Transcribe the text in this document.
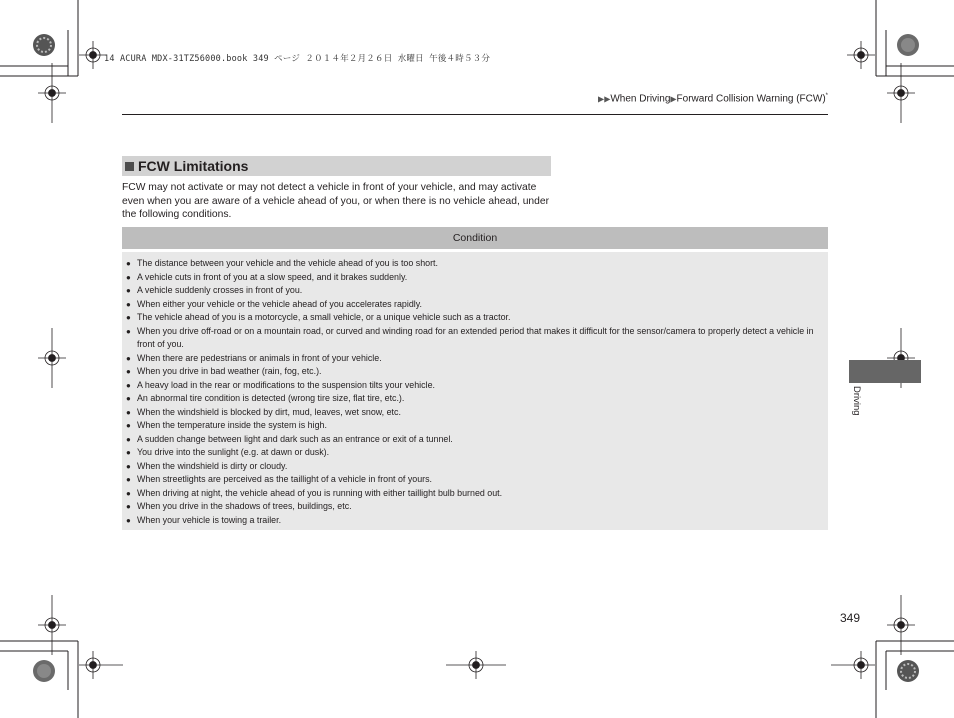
14 ACURA MDX-31TZ56000.book 349 ページ ２０１４年２月２６日 水曜日 午後４時５３分
▶▶When Driving▶Forward Collision Warning (FCW)*
FCW Limitations
FCW may not activate or may not detect a vehicle in front of your vehicle, and may activate even when you are aware of a vehicle ahead of you, or when there is no vehicle ahead, under the following conditions.
Condition
● The distance between your vehicle and the vehicle ahead of you is too short.
● A vehicle cuts in front of you at a slow speed, and it brakes suddenly.
● A vehicle suddenly crosses in front of you.
● When either your vehicle or the vehicle ahead of you accelerates rapidly.
● The vehicle ahead of you is a motorcycle, a small vehicle, or a unique vehicle such as a tractor.
● When you drive off-road or on a mountain road, or curved and winding road for an extended period that makes it difficult for the sensor/camera to properly detect a vehicle in front of you.
● When there are pedestrians or animals in front of your vehicle.
● When you drive in bad weather (rain, fog, etc.).
● A heavy load in the rear or modifications to the suspension tilts your vehicle.
● An abnormal tire condition is detected (wrong tire size, flat tire, etc.).
● When the windshield is blocked by dirt, mud, leaves, wet snow, etc.
● When the temperature inside the system is high.
● A sudden change between light and dark such as an entrance or exit of a tunnel.
● You drive into the sunlight (e.g. at dawn or dusk).
● When the windshield is dirty or cloudy.
● When streetlights are perceived as the taillight of a vehicle in front of yours.
● When driving at night, the vehicle ahead of you is running with either taillight bulb burned out.
● When you drive in the shadows of trees, buildings, etc.
● When your vehicle is towing a trailer.
Driving
349
